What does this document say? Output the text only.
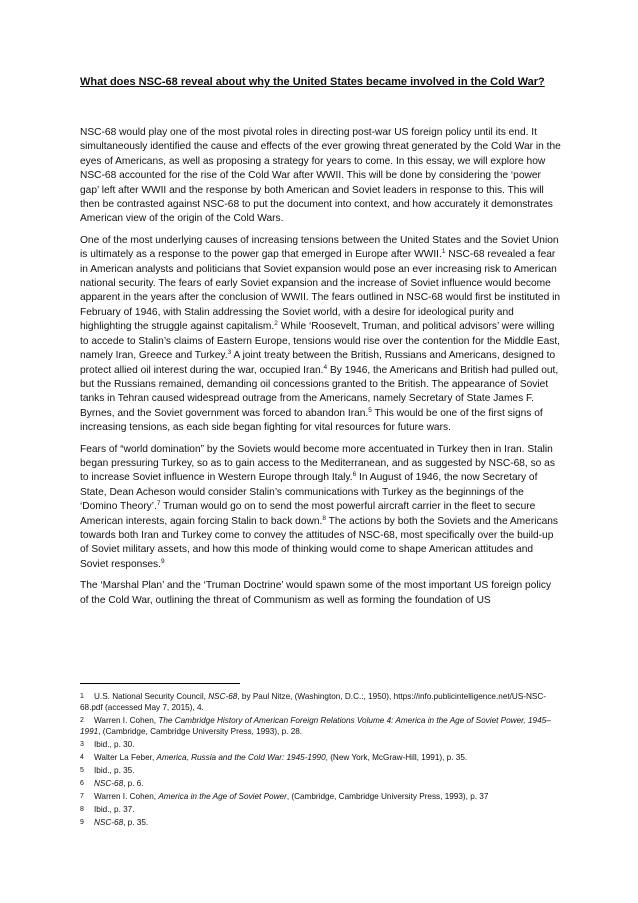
What does NSC-68 reveal about why the United States became involved in the Cold War?

NSC-68 would play one of the most pivotal roles in directing post-war US foreign policy until its end. It simultaneously identified the cause and effects of the ever growing threat generated by the Cold War in the eyes of Americans, as well as proposing a strategy for years to come. In this essay, we will explore how NSC-68 accounted for the rise of the Cold War after WWII. This will be done by considering the ‘power gap’ left after WWII and the response by both American and Soviet leaders in response to this. This will then be contrasted against NSC-68 to put the document into context, and how accurately it demonstrates American view of the origin of the Cold Wars.

One of the most underlying causes of increasing tensions between the United States and the Soviet Union is ultimately as a response to the power gap that emerged in Europe after WWII.$^1$ NSC-68 revealed a fear in American analysts and politicians that Soviet expansion would pose an ever increasing risk to American national security. The fears of early Soviet expansion and the increase of Soviet influence would become apparent in the years after the conclusion of WWII. The fears outlined in NSC-68 would first be instituted in February of 1946, with Stalin addressing the Soviet world, with a desire for ideological purity and highlighting the struggle against capitalism.$^2$ While ‘Roosevelt, Truman, and political advisors’ were willing to accede to Stalin’s claims of Eastern Europe, tensions would rise over the contention for the Middle East, namely Iran, Greece and Turkey.$^3$ A joint treaty between the British, Russians and Americans, designed to protect allied oil interest during the war, occupied Iran.$^4$ By 1946, the Americans and British had pulled out, but the Russians remained, demanding oil concessions granted to the British. The appearance of Soviet tanks in Tehran caused widespread outrage from the Americans, namely Secretary of State James F. Byrnes, and the Soviet government was forced to abandon Iran.$^5$ This would be one of the first signs of increasing tensions, as each side began fighting for vital resources for future wars.

Fears of “world domination” by the Soviets would become more accentuated in Turkey then in Iran. Stalin began pressuring Turkey, so as to gain access to the Mediterranean, and as suggested by NSC-68, so as to increase Soviet influence in Western Europe through Italy.$^6$ In August of 1946, the now Secretary of State, Dean Acheson would consider Stalin’s communications with Turkey as the beginnings of the ‘Domino Theory’.$^7$ Truman would go on to send the most powerful aircraft carrier in the fleet to secure American interests, again forcing Stalin to back down.$^8$ The actions by both the Soviets and the Americans towards both Iran and Turkey come to convey the attitudes of NSC-68, most specifically over the build-up of Soviet military assets, and how this mode of thinking would come to shape American attitudes and Soviet responses.$^9$

The ‘Marshal Plan’ and the ‘Truman Doctrine’ would spawn some of the most important US foreign policy of the Cold War, outlining the threat of Communism as well as forming the foundation of US

1 U.S. National Security Council, NSC-68, by Paul Nitze, (Washington, D.C.:, 1950), https://info.publicintelligence.net/US-NSC-68.pdf (accessed May 7, 2015), 4.
2 Warren I. Cohen, The Cambridge History of American Foreign Relations Volume 4: America in the Age of Soviet Power, 1945–1991, (Cambridge, Cambridge University Press, 1993), p. 28.
3 Ibid., p. 30.
4 Walter La Feber, America, Russia and the Cold War: 1945-1990, (New York, McGraw-Hill, 1991), p. 35.
5 Ibid., p. 35.
6 NSC-68, p. 6.
7 Warren I. Cohen, America in the Age of Soviet Power, (Cambridge, Cambridge University Press, 1993), p. 37
8 Ibid., p. 37.
9 NSC-68, p. 35.
